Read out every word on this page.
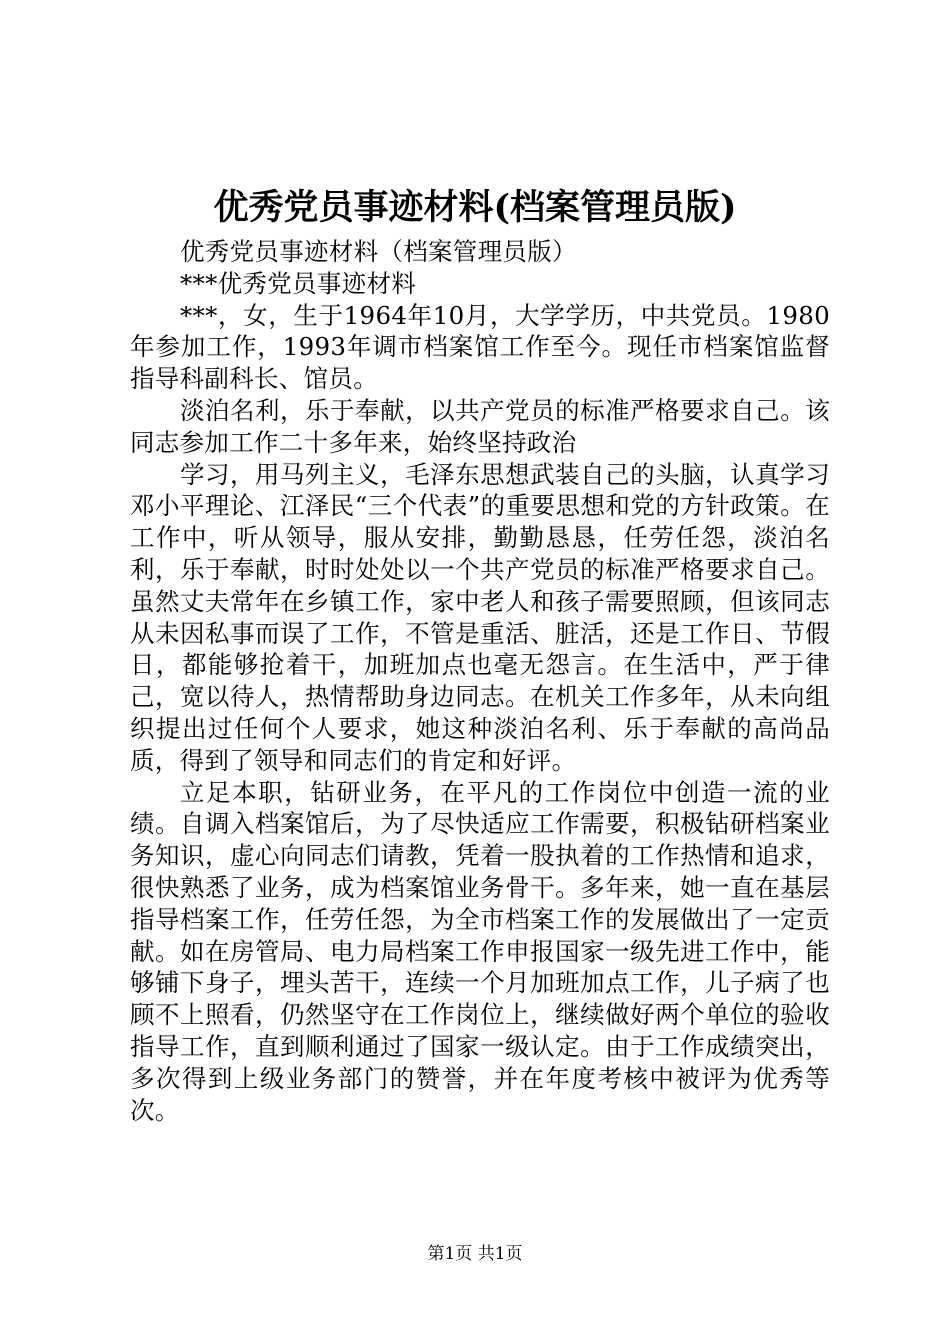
优秀党员事迹材料(档案管理员版)

优秀党员事迹材料（档案管理员版）

***优秀党员事迹材料

***，女，生于1964年10月，大学学历，中共党员。1980年参加工作，1993年调市档案馆工作至今。现任市档案馆监督指导科副科长、馆员。

淡泊名利，乐于奉献，以共产党员的标准严格要求自己。该同志参加工作二十多年来，始终坚持政治

学习，用马列主义，毛泽东思想武装自己的头脑，认真学习邓小平理论、江泽民“三个代表”的重要思想和党的方针政策。在工作中，听从领导，服从安排，勤勤恳恳，任劳任怨，淡泊名利，乐于奉献，时时处处以一个共产党员的标准严格要求自己。虽然丈夫常年在乡镇工作，家中老人和孩子需要照顾，但该同志从未因私事而误了工作，不管是重活、脏活，还是工作日、节假日，都能够抢着干，加班加点也毫无怨言。在生活中，严于律己，宽以待人，热情帮助身边同志。在机关工作多年，从未向组织提出过任何个人要求，她这种淡泊名利、乐于奉献的高尚品质，得到了领导和同志们的肯定和好评。

立足本职，钻研业务，在平凡的工作岗位中创造一流的业绩。自调入档案馆后，为了尽快适应工作需要，积极钻研档案业务知识，虚心向同志们请教，凭着一股执着的工作热情和追求，很快熟悉了业务，成为档案馆业务骨干。多年来，她一直在基层指导档案工作，任劳任怨，为全市档案工作的发展做出了一定贡献。如在房管局、电力局档案工作申报国家一级先进工作中，能够铺下身子，埋头苦干，连续一个月加班加点工作，儿子病了也顾不上照看，仍然坚守在工作岗位上，继续做好两个单位的验收指导工作，直到顺利通过了国家一级认定。由于工作成绩突出，多次得到上级业务部门的赞誉，并在年度考核中被评为优秀等次。

第1页 共1页
